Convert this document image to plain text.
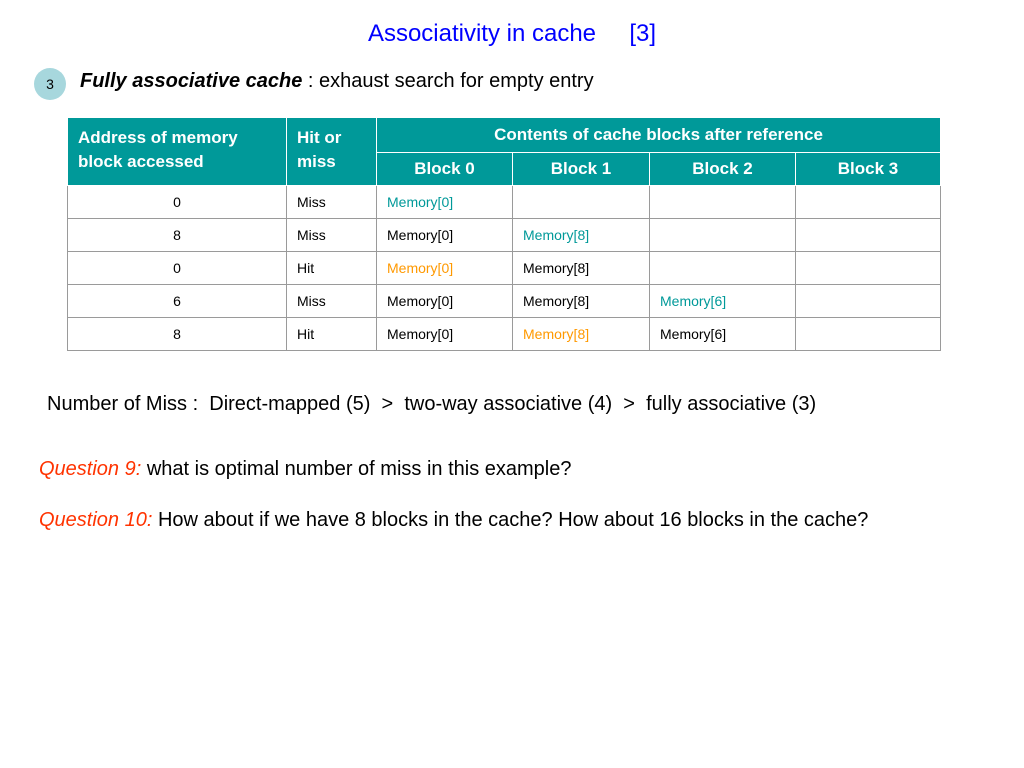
Associativity in cache     [3]
3	Fully associative cache : exhaust search for empty entry
Address of memory block accessed	Hit or miss	Contents of cache blocks after reference			
		Block 0	Block 1	Block 2	Block 3
0	Miss	Memory[0]			
8	Miss	Memory[0]	Memory[8]		
0	Hit	Memory[0]	Memory[8]		
6	Miss	Memory[0]	Memory[8]	Memory[6]	
8	Hit	Memory[0]	Memory[8]	Memory[6]	
Number of Miss :  Direct-mapped (5)  >  two-way associative (4)  >  fully associative (3)
Question 9: what is optimal number of miss in this example?
Question 10: How about if we have 8 blocks in the cache? How about 16 blocks in the cache?
